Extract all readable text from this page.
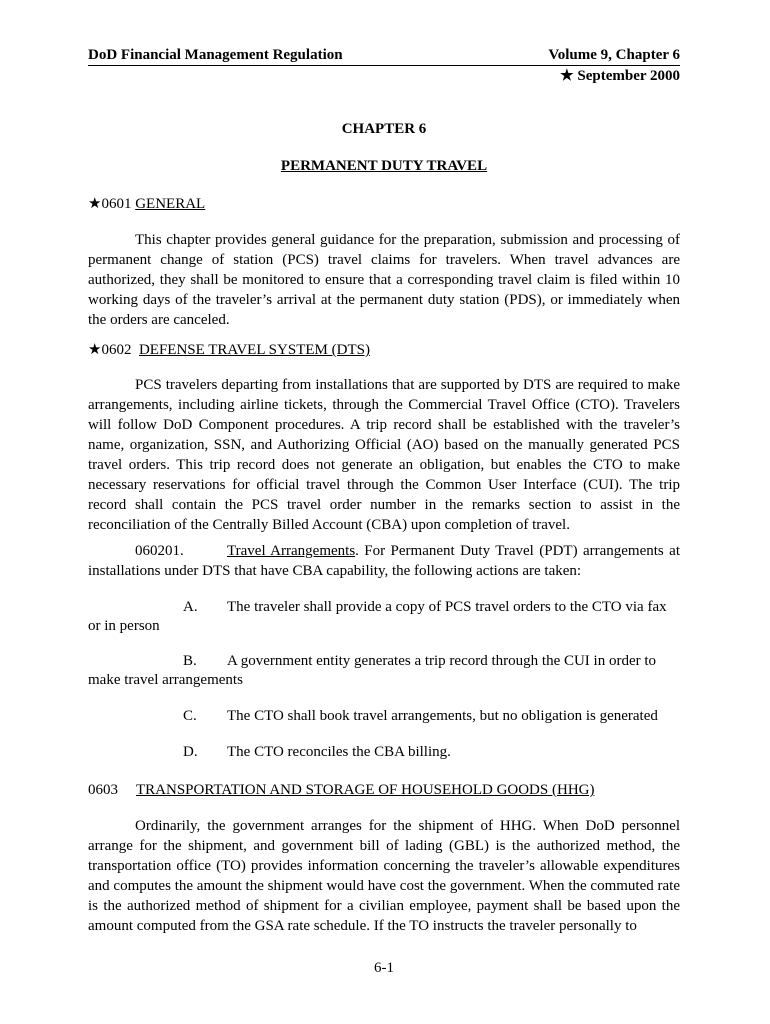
DoD Financial Management Regulation	Volume 9, Chapter 6
★ September 2000
CHAPTER 6
PERMANENT DUTY TRAVEL
★0601 GENERAL
This chapter provides general guidance for the preparation, submission and processing of permanent change of station (PCS) travel claims for travelers. When travel advances are authorized, they shall be monitored to ensure that a corresponding travel claim is filed within 10 working days of the traveler’s arrival at the permanent duty station (PDS), or immediately when the orders are canceled.
★0602 DEFENSE TRAVEL SYSTEM (DTS)
PCS travelers departing from installations that are supported by DTS are required to make arrangements, including airline tickets, through the Commercial Travel Office (CTO). Travelers will follow DoD Component procedures. A trip record shall be established with the traveler’s name, organization, SSN, and Authorizing Official (AO) based on the manually generated PCS travel orders. This trip record does not generate an obligation, but enables the CTO to make necessary reservations for official travel through the Common User Interface (CUI). The trip record shall contain the PCS travel order number in the remarks section to assist in the reconciliation of the Centrally Billed Account (CBA) upon completion of travel.
060201.	Travel Arrangements. For Permanent Duty Travel (PDT) arrangements at installations under DTS that have CBA capability, the following actions are taken:
A. The traveler shall provide a copy of PCS travel orders to the CTO via fax
or in person
B. A government entity generates a trip record through the CUI in order to
make travel arrangements
C. The CTO shall book travel arrangements, but no obligation is generated
D. The CTO reconciles the CBA billing.
0603 TRANSPORTATION AND STORAGE OF HOUSEHOLD GOODS (HHG)
Ordinarily, the government arranges for the shipment of HHG. When DoD personnel arrange for the shipment, and government bill of lading (GBL) is the authorized method, the transportation office (TO) provides information concerning the traveler’s allowable expenditures and computes the amount the shipment would have cost the government. When the commuted rate is the authorized method of shipment for a civilian employee, payment shall be based upon the amount computed from the GSA rate schedule. If the TO instructs the traveler personally to
6-1
